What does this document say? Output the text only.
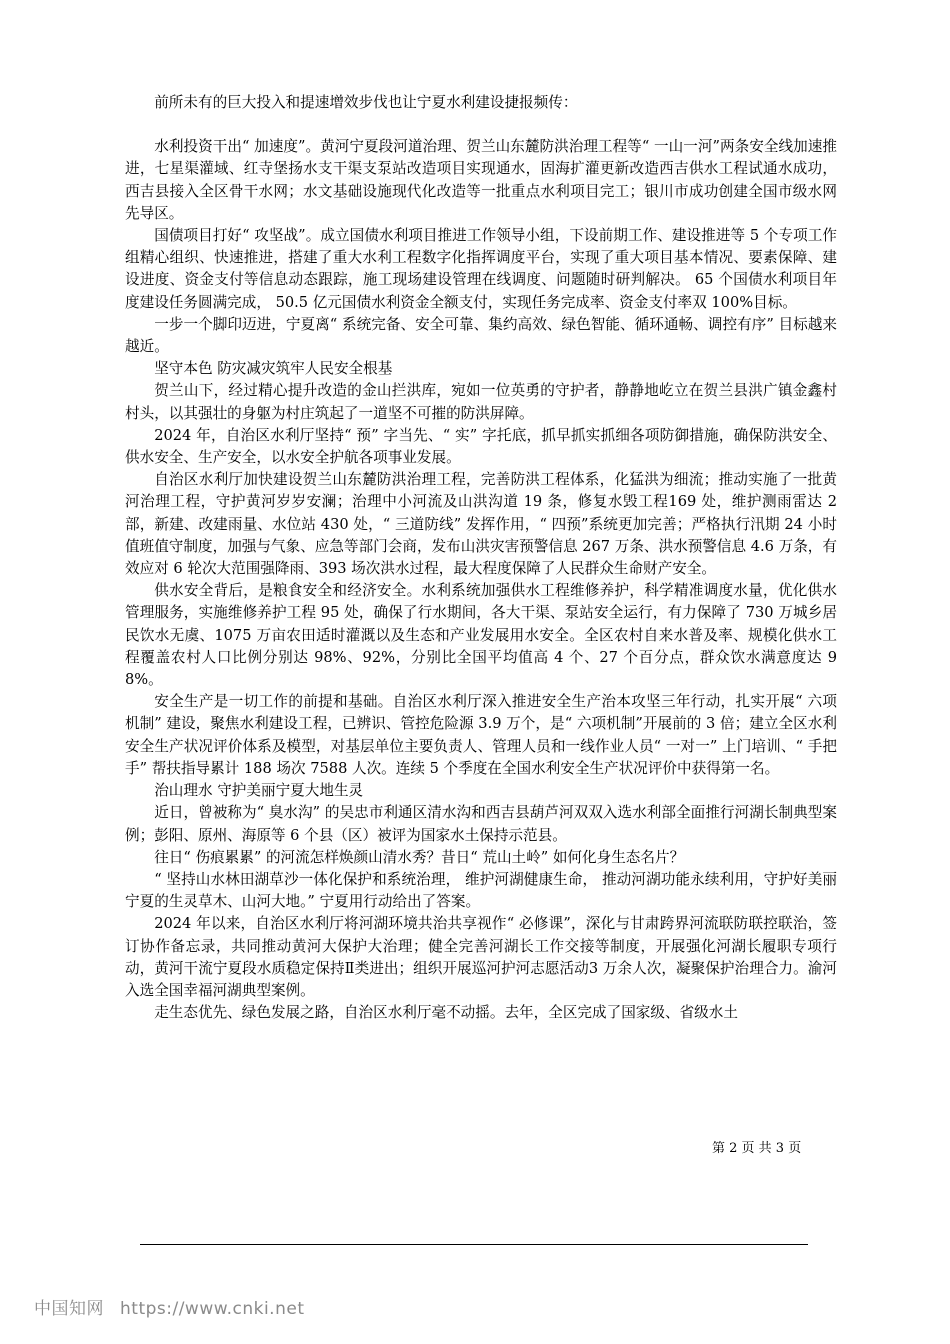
前所未有的巨大投入和提速增效步伐也让宁夏水利建设捷报频传：

水利投资干出“ 加速度”。黄河宁夏段河道治理、贺兰山东麓防洪治理工程等“ 一山一河”两条安全线加速推进，七星渠灌域、红寺堡扬水支干渠支泵站改造项目实现通水，固海扩灌更新改造西吉供水工程试通水成功，西吉县接入全区骨干水网；水文基础设施现代化改造等一批重点水利项目完工；银川市成功创建全国市级水网先导区。

国债项目打好“ 攻坚战”。成立国债水利项目推进工作领导小组，下设前期工作、建设推进等 5 个专项工作组精心组织、快速推进，搭建了重大水利工程数字化指挥调度平台，实现了重大项目基本情况、要素保障、建设进度、资金支付等信息动态跟踪，施工现场建设管理在线调度、问题随时研判解决。 65 个国债水利项目年度建设任务圆满完成， 50.5 亿元国债水利资金全额支付，实现任务完成率、资金支付率双 100%目标。

一步一个脚印迈进，宁夏离“ 系统完备、安全可靠、集约高效、绿色智能、循环通畅、调控有序” 目标越来越近。

坚守本色 防灾减灾筑牢人民安全根基

贺兰山下，经过精心提升改造的金山拦洪库，宛如一位英勇的守护者，静静地屹立在贺兰县洪广镇金鑫村村头，以其强壮的身躯为村庄筑起了一道坚不可摧的防洪屏障。

2024 年，自治区水利厅坚持“ 预” 字当先、“ 实” 字托底，抓早抓实抓细各项防御措施，确保防洪安全、供水安全、生产安全，以水安全护航各项事业发展。

自治区水利厅加快建设贺兰山东麓防洪治理工程，完善防洪工程体系，化猛洪为细流；推动实施了一批黄河治理工程，守护黄河岁岁安澜；治理中小河流及山洪沟道 19 条，修复水毁工程169 处，维护测雨雷达 2 部，新建、改建雨量、水位站 430 处，“ 三道防线” 发挥作用，“ 四预”系统更加完善；严格执行汛期 24 小时值班值守制度，加强与气象、应急等部门会商，发布山洪灾害预警信息 267 万条、洪水预警信息 4.6 万条，有效应对 6 轮次大范围强降雨、393 场次洪水过程，最大程度保障了人民群众生命财产安全。

供水安全背后，是粮食安全和经济安全。水利系统加强供水工程维修养护，科学精准调度水量，优化供水管理服务，实施维修养护工程 95 处，确保了行水期间，各大干渠、泵站安全运行，有力保障了 730 万城乡居民饮水无虞、1075 万亩农田适时灌溉以及生态和产业发展用水安全。全区农村自来水普及率、规模化供水工程覆盖农村人口比例分别达 98%、92%，分别比全国平均值高 4 个、27 个百分点，群众饮水满意度达 98%。

安全生产是一切工作的前提和基础。自治区水利厅深入推进安全生产治本攻坚三年行动，扎实开展“ 六项机制” 建设，聚焦水利建设工程，已辨识、管控危险源 3.9 万个，是“ 六项机制”开展前的 3 倍；建立全区水利安全生产状况评价体系及模型，对基层单位主要负责人、管理人员和一线作业人员“ 一对一” 上门培训、“ 手把手” 帮扶指导累计 188 场次 7588 人次。连续 5 个季度在全国水利安全生产状况评价中获得第一名。

治山理水 守护美丽宁夏大地生灵

近日，曾被称为“ 臭水沟” 的吴忠市利通区清水沟和西吉县葫芦河双双入选水利部全面推行河湖长制典型案例；彭阳、原州、海原等 6 个县（区）被评为国家水土保持示范县。

往日“ 伤痕累累” 的河流怎样焕颜山清水秀？昔日“ 荒山土岭” 如何化身生态名片？

“ 坚持山水林田湖草沙一体化保护和系统治理， 维护河湖健康生命， 推动河湖功能永续利用，守护好美丽宁夏的生灵草木、山河大地。” 宁夏用行动给出了答案。

2024 年以来，自治区水利厅将河湖环境共治共享视作“ 必修课”，深化与甘肃跨界河流联防联控联治，签订协作备忘录，共同推动黄河大保护大治理；健全完善河湖长工作交接等制度，开展强化河湖长履职专项行动，黄河干流宁夏段水质稳定保持Ⅱ类进出；组织开展巡河护河志愿活动3 万余人次，凝聚保护治理合力。渝河入选全国幸福河湖典型案例。

走生态优先、绿色发展之路，自治区水利厅毫不动摇。去年，全区完成了国家级、省级水土

第 2 页 共 3 页
中国知网 https://www.cnki.net
